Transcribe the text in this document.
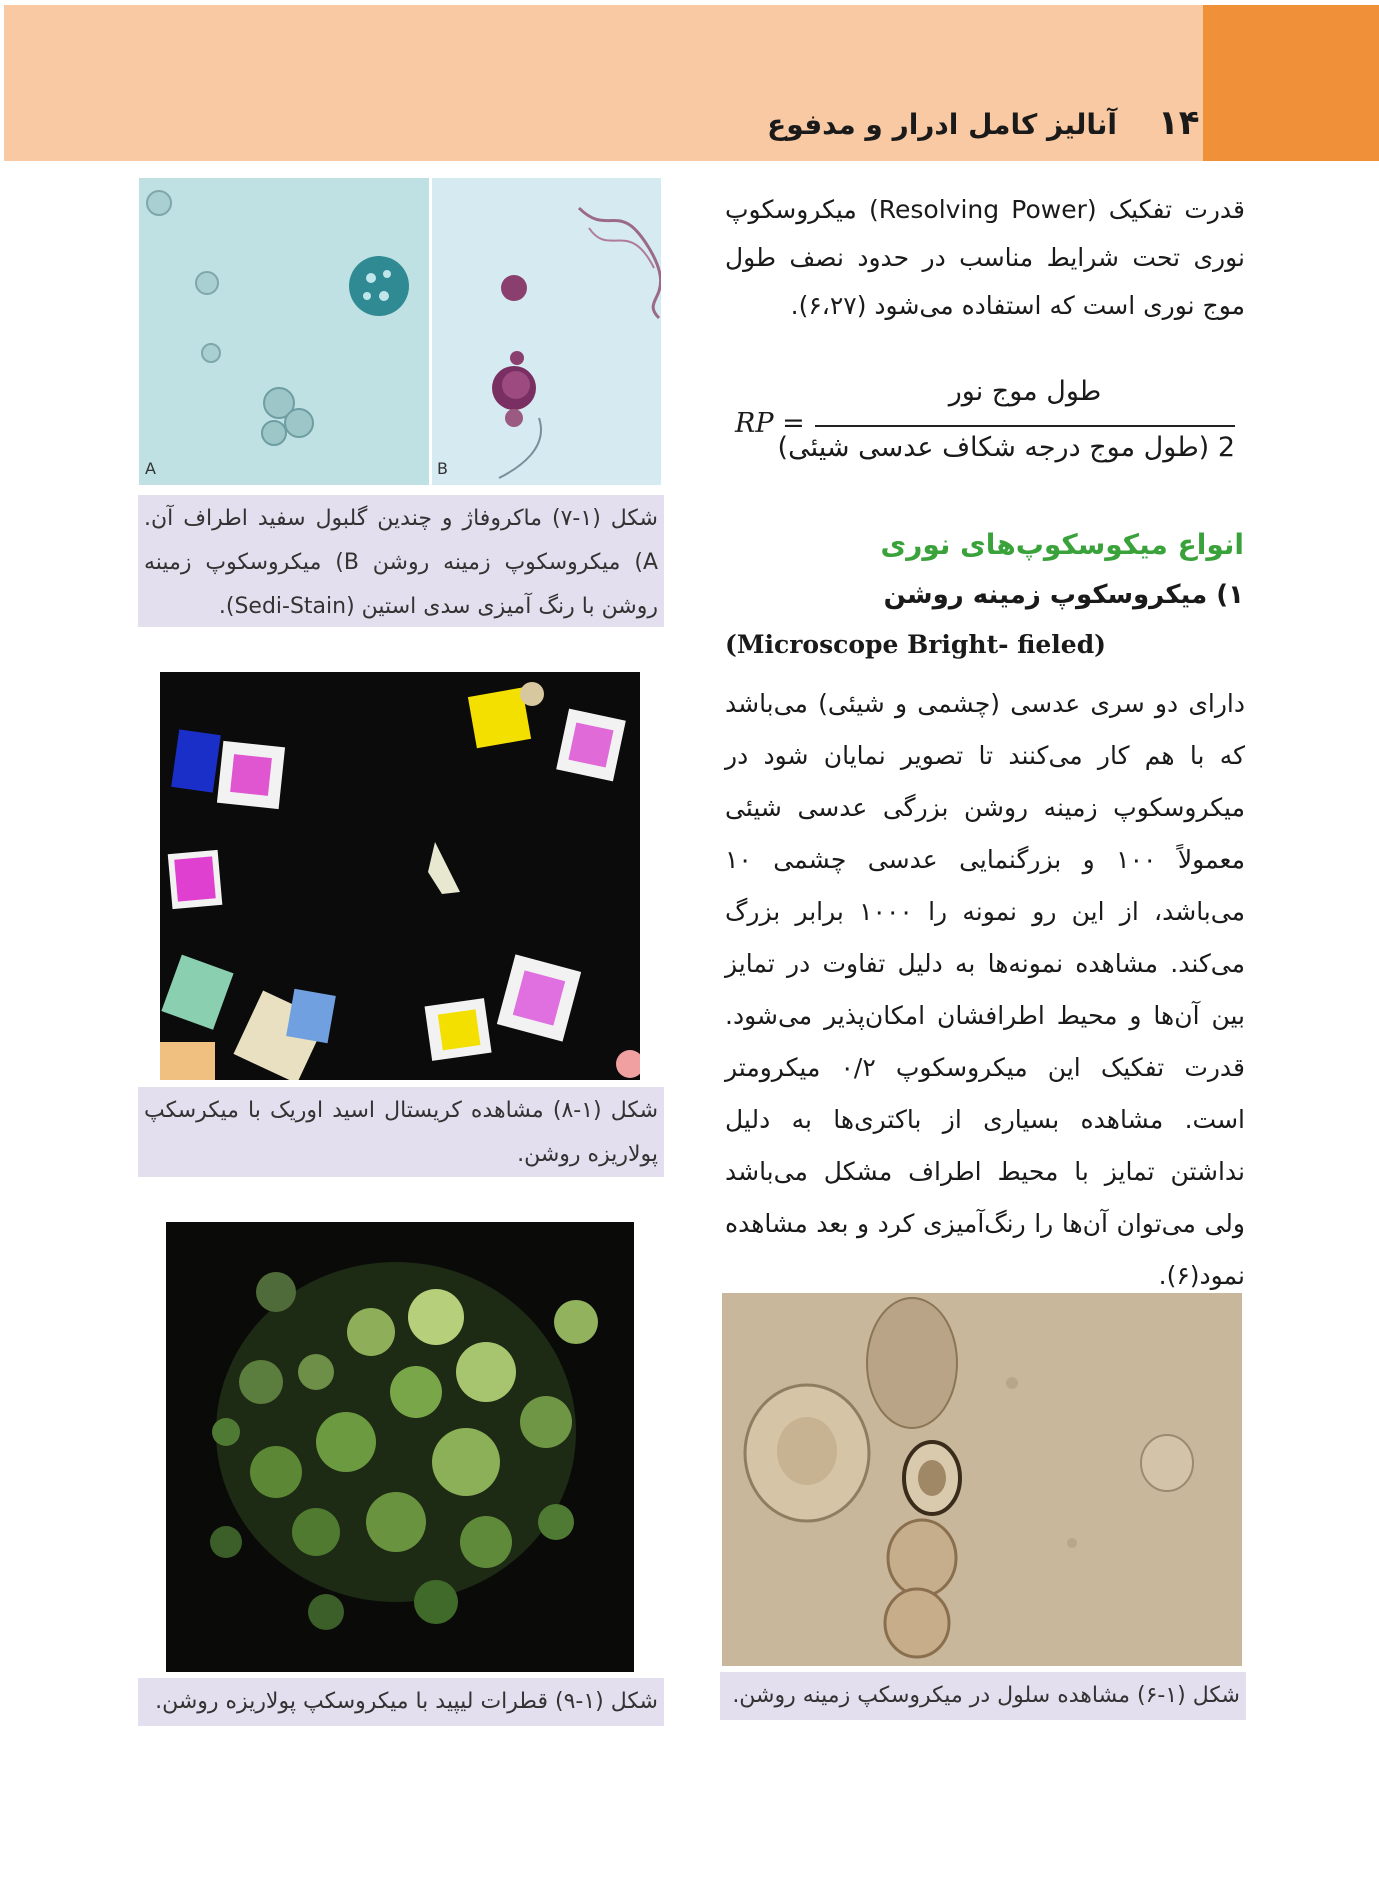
آنالیز کامل ادرار و مدفوع ۱۴
قدرت تفکیک (Resolving Power) میکروسکوپ نوری تحت شرایط مناسب در حدود نصف طول موج نوری است که استفاده می‌شود (۶،۲۷).
RP =
طول موج نور
2 (طول موج درجه شکاف عدسی شیئی)
انواع میکوسکوپ‌های نوری
۱) میکروسکوپ زمینه روشن
(Microscope Bright- fieled)
دارای دو سری عدسی (چشمی و شیئی) می‌باشد که با هم کار می‌کنند تا تصویر نمایان شود در میکروسکوپ زمینه روشن بزرگی عدسی شیئی معمولاً ۱۰۰ و بزرگنمایی عدسی چشمی ۱۰ می‌باشد، از این رو نمونه را ۱۰۰۰ برابر بزرگ می‌کند. مشاهده نمونه‌ها به دلیل تفاوت در تمایز بین آن‌ها و محیط اطرافشان امکان‌پذیر می‌شود. قدرت تفکیک این میکروسکوپ ۰/۲ میکرومتر است. مشاهده بسیاری از باکتری‌ها به دلیل نداشتن تمایز با محیط اطراف مشکل می‌باشد ولی می‌توان آن‌ها را رنگ‌آمیزی کرد و بعد مشاهده نمود(۶).
A	B
شکل (۱-۷) ماکروفاژ و چندین گلبول سفید اطراف آن. A) میکروسکوپ زمینه روشن B) میکروسکوپ زمینه روشن با رنگ آمیزی سدی استین (Sedi-Stain).
شکل (۱-۸) مشاهده کریستال اسید اوریک با میکرسکپ پولاریزه روشن.
شکل (۱-۹) قطرات لیپید با میکروسکپ پولاریزه روشن.	شکل (۱-۶) مشاهده سلول در میکروسکپ زمینه روشن.
